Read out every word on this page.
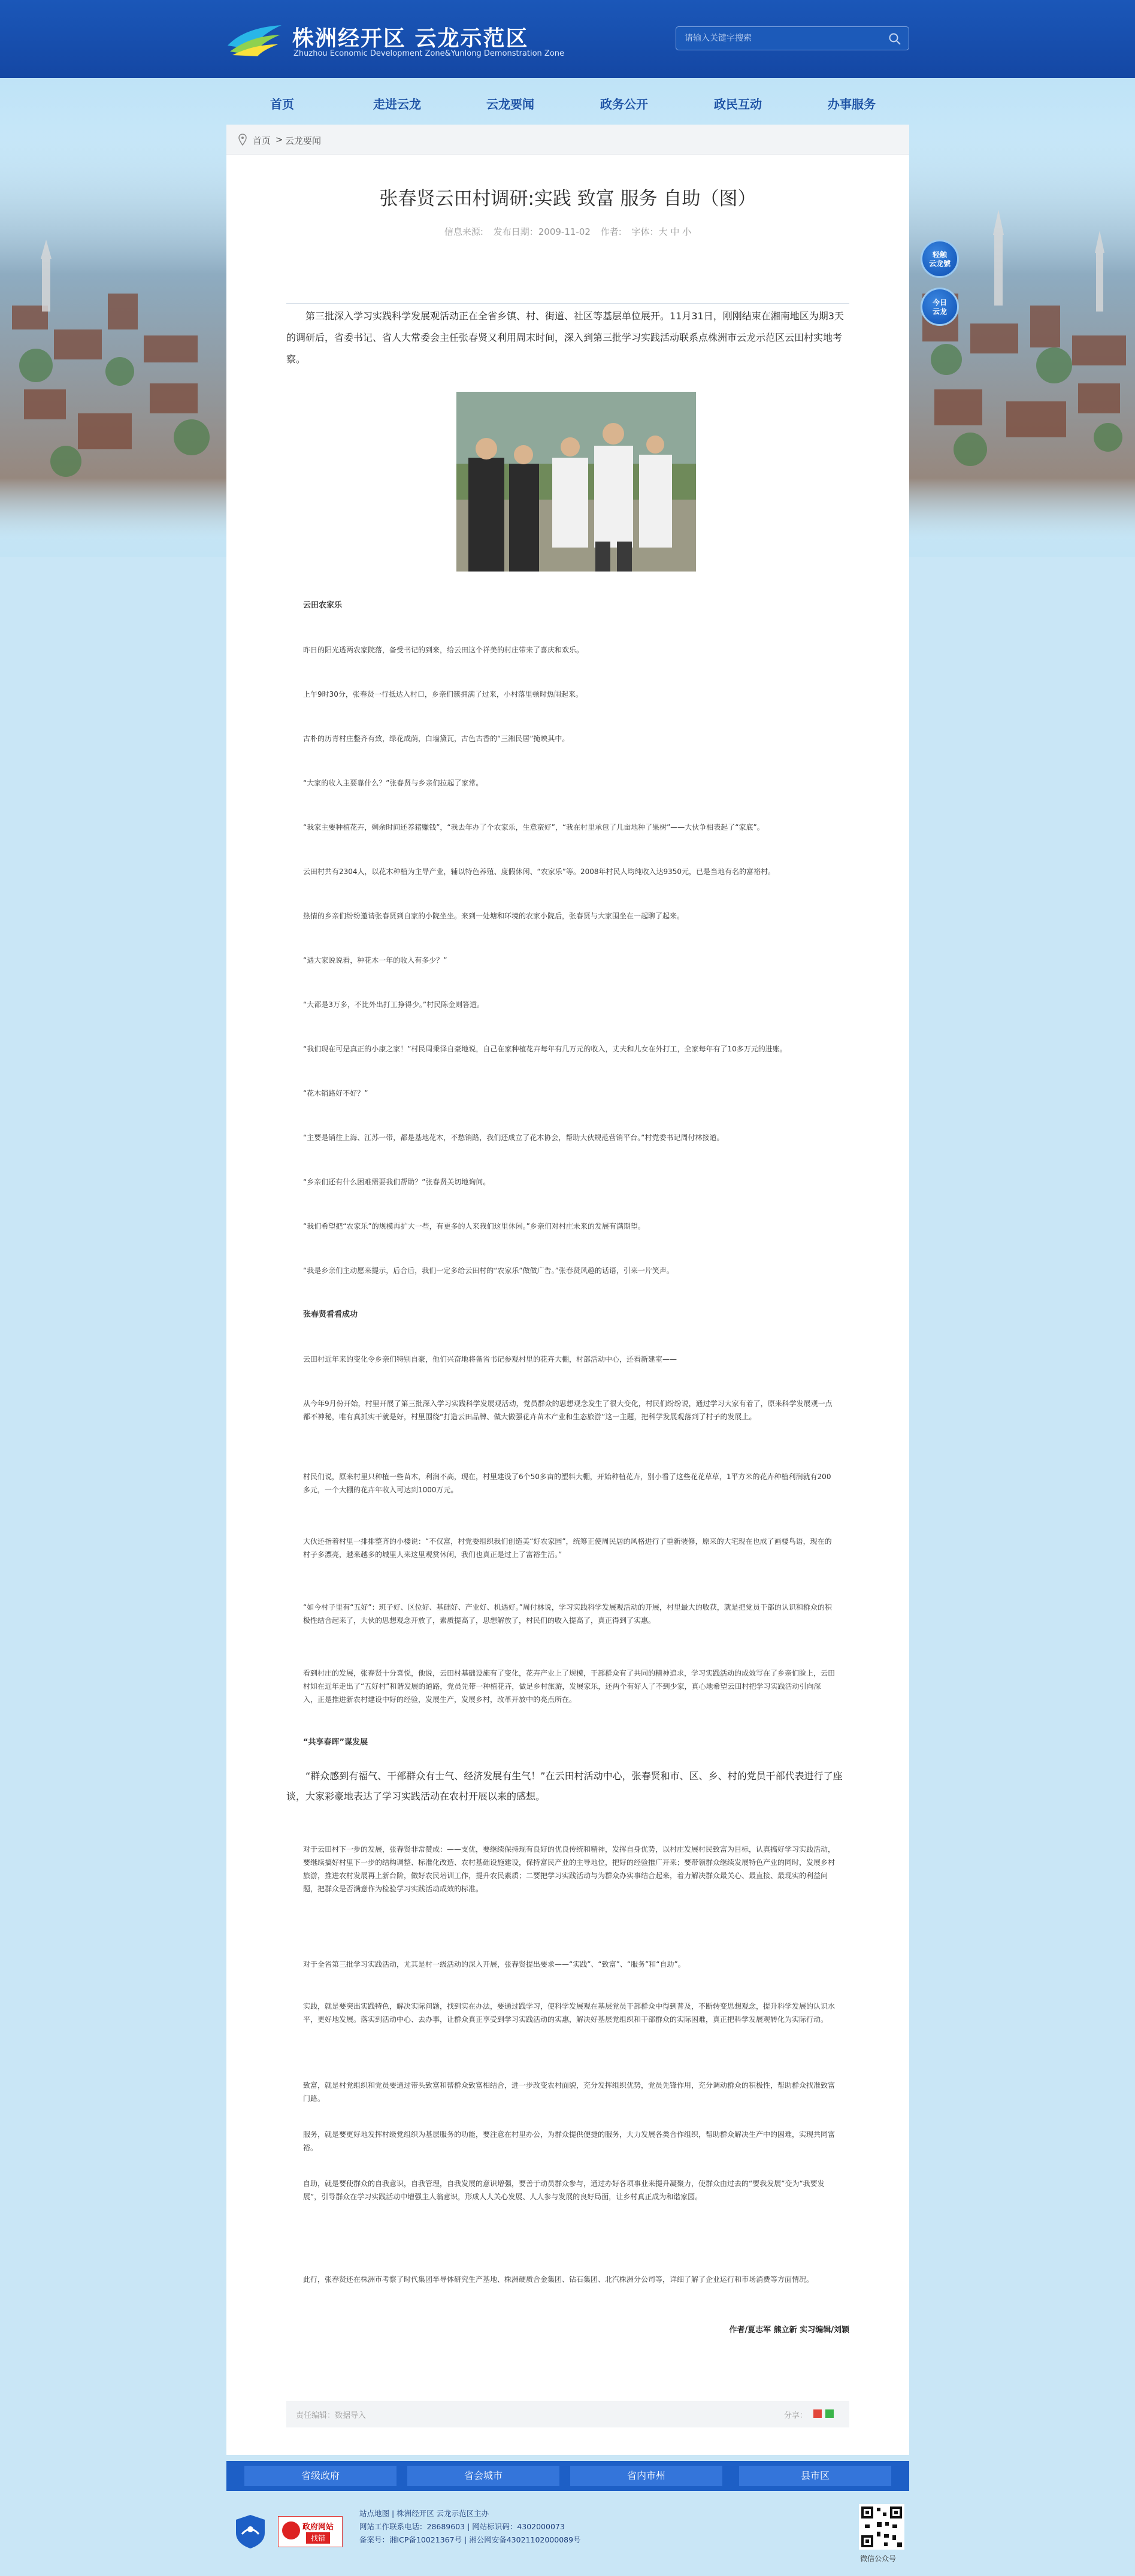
株洲经开区 云龙示范区
Zhuzhou Economic Development Zone&Yunlong Demonstration Zone
请输入关键字搜索
首页	走进云龙	云龙要闻	政务公开	政民互动	办事服务
轻触
云龙號
今日
云龙
首页 > 云龙要闻
张春贤云田村调研:实践 致富 服务 自助（图）
信息来源: 发布日期：2009-11-02 作者: 字体：大 中 小
第三批深入学习实践科学发展观活动正在全省乡镇、村、街道、社区等基层单位展开。11月31日，刚刚结束在湘南地区为期3天的调研后，省委书记、省人大常委会主任张春贤又利用周末时间，深入到第三批学习实践活动联系点株洲市云龙示范区云田村实地考察。
云田农家乐
昨日的阳光透两农家院落，备受书记的到来，给云田这个祥美的村庄带来了喜庆和欢乐。
上午9时30分，张春贤一行抵达入村口，乡亲们簇拥满了过来，小村落里顿时热闹起来。
古朴的历青村庄整齐有致，绿花成荫，白墙黛瓦，古色古香的“三湘民居”掩映其中。
“大家的收入主要靠什么？”张春贤与乡亲们拉起了家常。
“我家主要种植花卉，剩余时间还养猪赚钱”，“我去年办了个农家乐，生意蛮好”，“我在村里承包了几亩地种了果树”——大伙争相表起了“家底”。
云田村共有2304人，以花木种植为主导产业，辅以特色养殖、度假休闲、“农家乐”等。2008年村民人均纯收入达9350元，已是当地有名的富裕村。
热情的乡亲们纷纷邀请张春贤到自家的小院坐坐。来到一处塘和环境的农家小院后，张春贤与大家围坐在一起聊了起来。
“遇大家说说看，种花木一年的收入有多少？”
“大都是3万多，不比外出打工挣得少。”村民陈金则答道。
“我们现在可是真正的小康之家！”村民周秉泽自豪地说，自己在家种植花卉每年有几万元的收入，丈夫和儿女在外打工，全家每年有了10多万元的进账。
“花木销路好不好？”
“主要是销往上海、江苏一带，都是基地花木，不愁销路，我们还成立了花木协会，帮助大伙规范营销平台。”村党委书记周付林接道。
“乡亲们还有什么困难需要我们帮助？”张春贤关切地询问。
“我们希望把“农家乐”的规模再扩大一些，有更多的人来我们这里休闲。”乡亲们对村庄未来的发展有满期望。
“我是乡亲们主动愿来提示，后合后，我们一定多给云田村的“农家乐”做做广告。”张春贤风趣的话语，引来一片笑声。
张春贤看看成功
云田村近年来的变化令乡亲们特别自豪，他们兴奋地将备省书记参观村里的花卉大棚，村部活动中心，还看新建室——
从今年9月份开始，村里开展了第三批深入学习实践科学发展观活动，党员群众的思想观念发生了很大变化，村民们纷纷说，通过学习大家有着了，原来科学发展观一点都不神秘，唯有真抓实干就是好，村里围绕“打造云田品牌、做大做强花卉苗木产业和生态旅游”这一主题，把科学发展观落到了村子的发展上。
村民们说，原来村里只种植一些苗木，利润不高，现在，村里建设了6个50多亩的塑料大棚，开始种植花卉，别小看了这些花花草草，1平方米的花卉种植利润就有200多元，一个大棚的花卉年收入可达到1000万元。
大伙还指着村里一排排整齐的小楼说：“不仅富，村党委组织我们创造美“好农家园”，统筹正使周民居的风格进行了重新装修，原来的大宅现在也成了画楼鸟语，现在的村子多漂亮，越来越多的城里人来这里观赏休闲，我们也真正是过上了富裕生活。”
“如今村子里有“五好”：班子好、区位好、基础好、产业好、机遇好。”周付林说，学习实践科学发展观活动的开展，村里最大的收获，就是把党员干部的认识和群众的积极性结合起来了，大伙的思想观念开放了，素质提高了，思想解放了，村民们的收入提高了，真正得到了实惠。
看到村庄的发展，张春贤十分喜悦，他说，云田村基础设施有了变化，花卉产业上了规模，干部群众有了共同的精神追求，学习实践活动的成效写在了乡亲们脸上，云田村如在近年走出了“五好村”和谐发展的道路，党员先带一种植花卉，做足乡村旅游，发展家乐，还两个有好人了不到少家，真心地希望云田村把学习实践活动引向深入，正是推进新农村建设中好的经验，发展生产，发展乡村，改革开放中的亮点所在。
“共享春晖”谋发展
“群众感到有福气、干部群众有士气、经济发展有生气！”在云田村活动中心，张春贤和市、区、乡、村的党员干部代表进行了座谈，大家彩豪地表达了学习实践活动在农村开展以来的感想。
对于云田村下一步的发展，张春贤非常赞成：——支优，要继续保持现有良好的优良传统和精神，发挥自身优势，以村庄发展村民致富为目标，认真搞好学习实践活动，要继续搞好村里下一步的结构调整、标准化改造、农村基础设施建设，保持富民产业的主导地位，把好的经验推广开来；要带领群众继续发展特色产业的同时，发展乡村旅游，推进农村发展再上新台阶，做好农民培训工作，提升农民素质；二要把学习实践活动与为群众办实事结合起来，着力解决群众最关心、最直接、最现实的利益问题，把群众是否满意作为检验学习实践活动成效的标准。
对于全省第三批学习实践活动，尤其是村一级活动的深入开展，张春贤提出要求——“实践”、“致富”、“服务”和“自助”。
实践，就是要突出实践特色，解决实际问题，找到实在办法，要通过践学习，使科学发展观在基层党员干部群众中得到普及，不断转变思想观念，提升科学发展的认识水平，更好地发展。落实到活动中心、去办事，让群众真正享受到学习实践活动的实惠，解决好基层党组织和干部群众的实际困难，真正把科学发展观转化为实际行动。
致富，就是村党组织和党员要通过带头致富和帮群众致富相结合，进一步改变农村面貌，充分发挥组织优势，党员先锋作用，充分调动群众的积极性，帮助群众找准致富门路。
服务，就是要更好地发挥村级党组织为基层服务的功能，要注意在村里办公，为群众提供便捷的服务，大力发展各类合作组织，帮助群众解决生产中的困难，实现共同富裕。
自助，就是要使群众的自我意识，自我管理，自我发展的意识增强，要善于动员群众参与，通过办好各项事业来提升凝聚力，使群众由过去的“要我发展”变为“我要发展”，引导群众在学习实践活动中增强主人翁意识，形成人人关心发展、人人参与发展的良好局面，让乡村真正成为和谐家园。
此行，张春贤还在株洲市考察了时代集团半导体研究生产基地、株洲硬质合金集团、钻石集团、北汽株洲分公司等，详细了解了企业运行和市场消费等方面情况。
作者/夏志军 熊立新 实习编辑/刘颖
责任编辑：数据导入	分享：
省级政府	省会城市	省内市州	县市区
政府网站
找错
站点地图 | 株洲经开区 云龙示范区主办
网站工作联系电话：28689603 | 网站标识码：4302000073
备案号：湘ICP备10021367号 | 湘公网安备43021102000089号
微信公众号
